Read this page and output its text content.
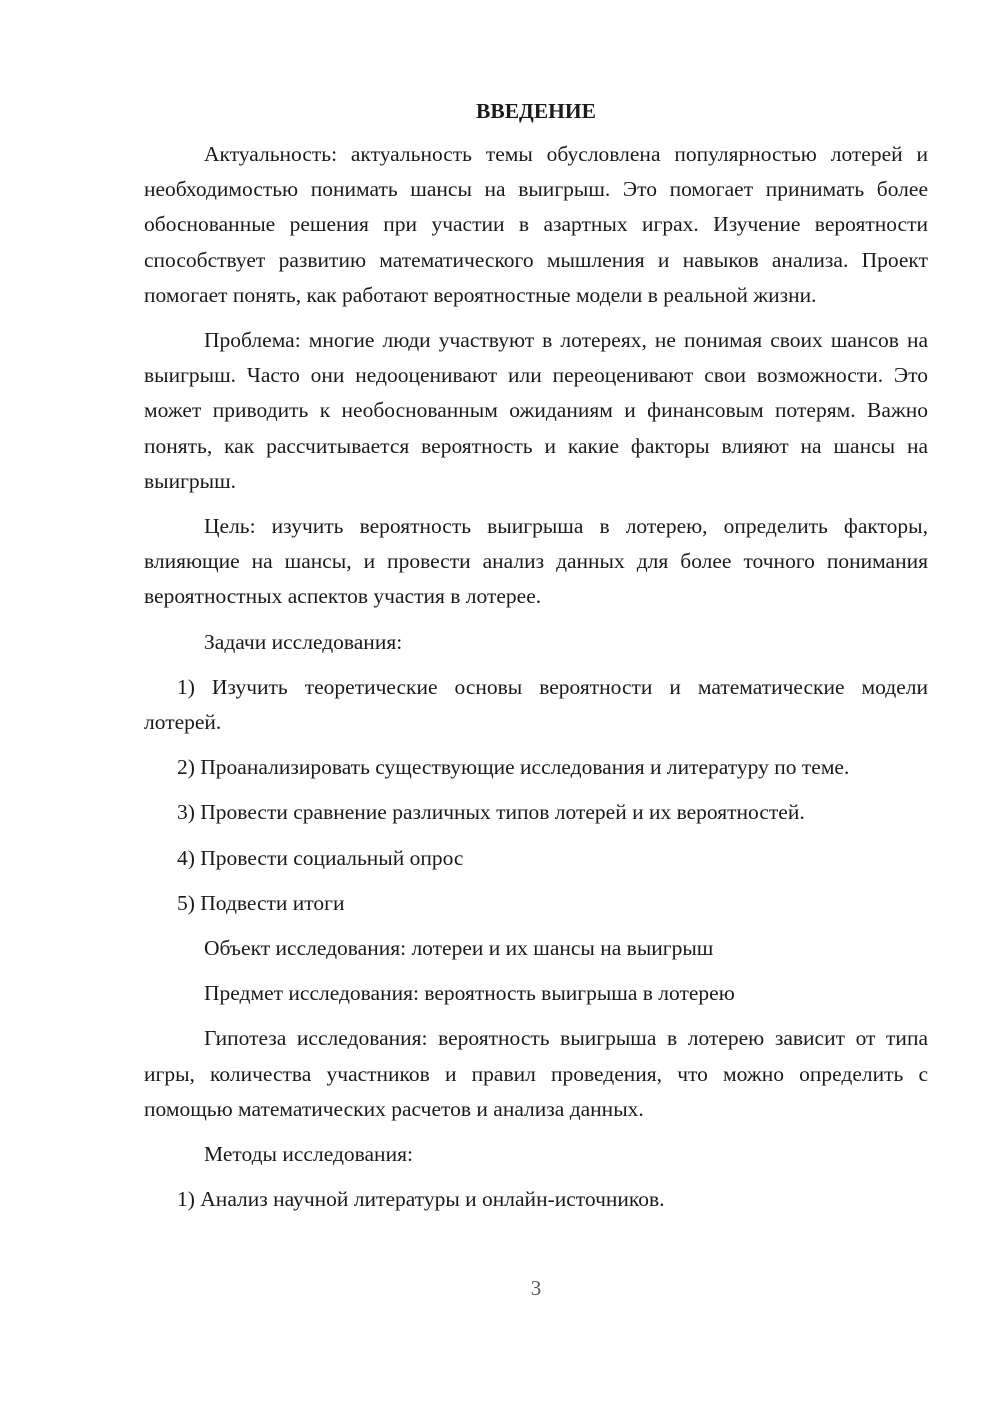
ВВЕДЕНИЕ

Актуальность: актуальность темы обусловлена популярностью лотерей и необходимостью понимать шансы на выигрыш. Это помогает принимать более обоснованные решения при участии в азартных играх. Изучение вероятности способствует развитию математического мышления и навыков анализа. Проект помогает понять, как работают вероятностные модели в реальной жизни.

Проблема: многие люди участвуют в лотереях, не понимая своих шансов на выигрыш. Часто они недооценивают или переоценивают свои возможности. Это может приводить к необоснованным ожиданиям и финансовым потерям. Важно понять, как рассчитывается вероятность и какие факторы влияют на шансы на выигрыш.

Цель: изучить вероятность выигрыша в лотерею, определить факторы, влияющие на шансы, и провести анализ данных для более точного понимания вероятностных аспектов участия в лотерее.

Задачи исследования:

1) Изучить теоретические основы вероятности и математические модели лотерей.

2) Проанализировать существующие исследования и литературу по теме.

3) Провести сравнение различных типов лотерей и их вероятностей.

4) Провести социальный опрос

5) Подвести итоги

Объект исследования: лотереи и их шансы на выигрыш

Предмет исследования: вероятность выигрыша в лотерею

Гипотеза исследования: вероятность выигрыша в лотерею зависит от типа игры, количества участников и правил проведения, что можно определить с помощью математических расчетов и анализа данных.

Методы исследования:

1) Анализ научной литературы и онлайн-источников.

3
